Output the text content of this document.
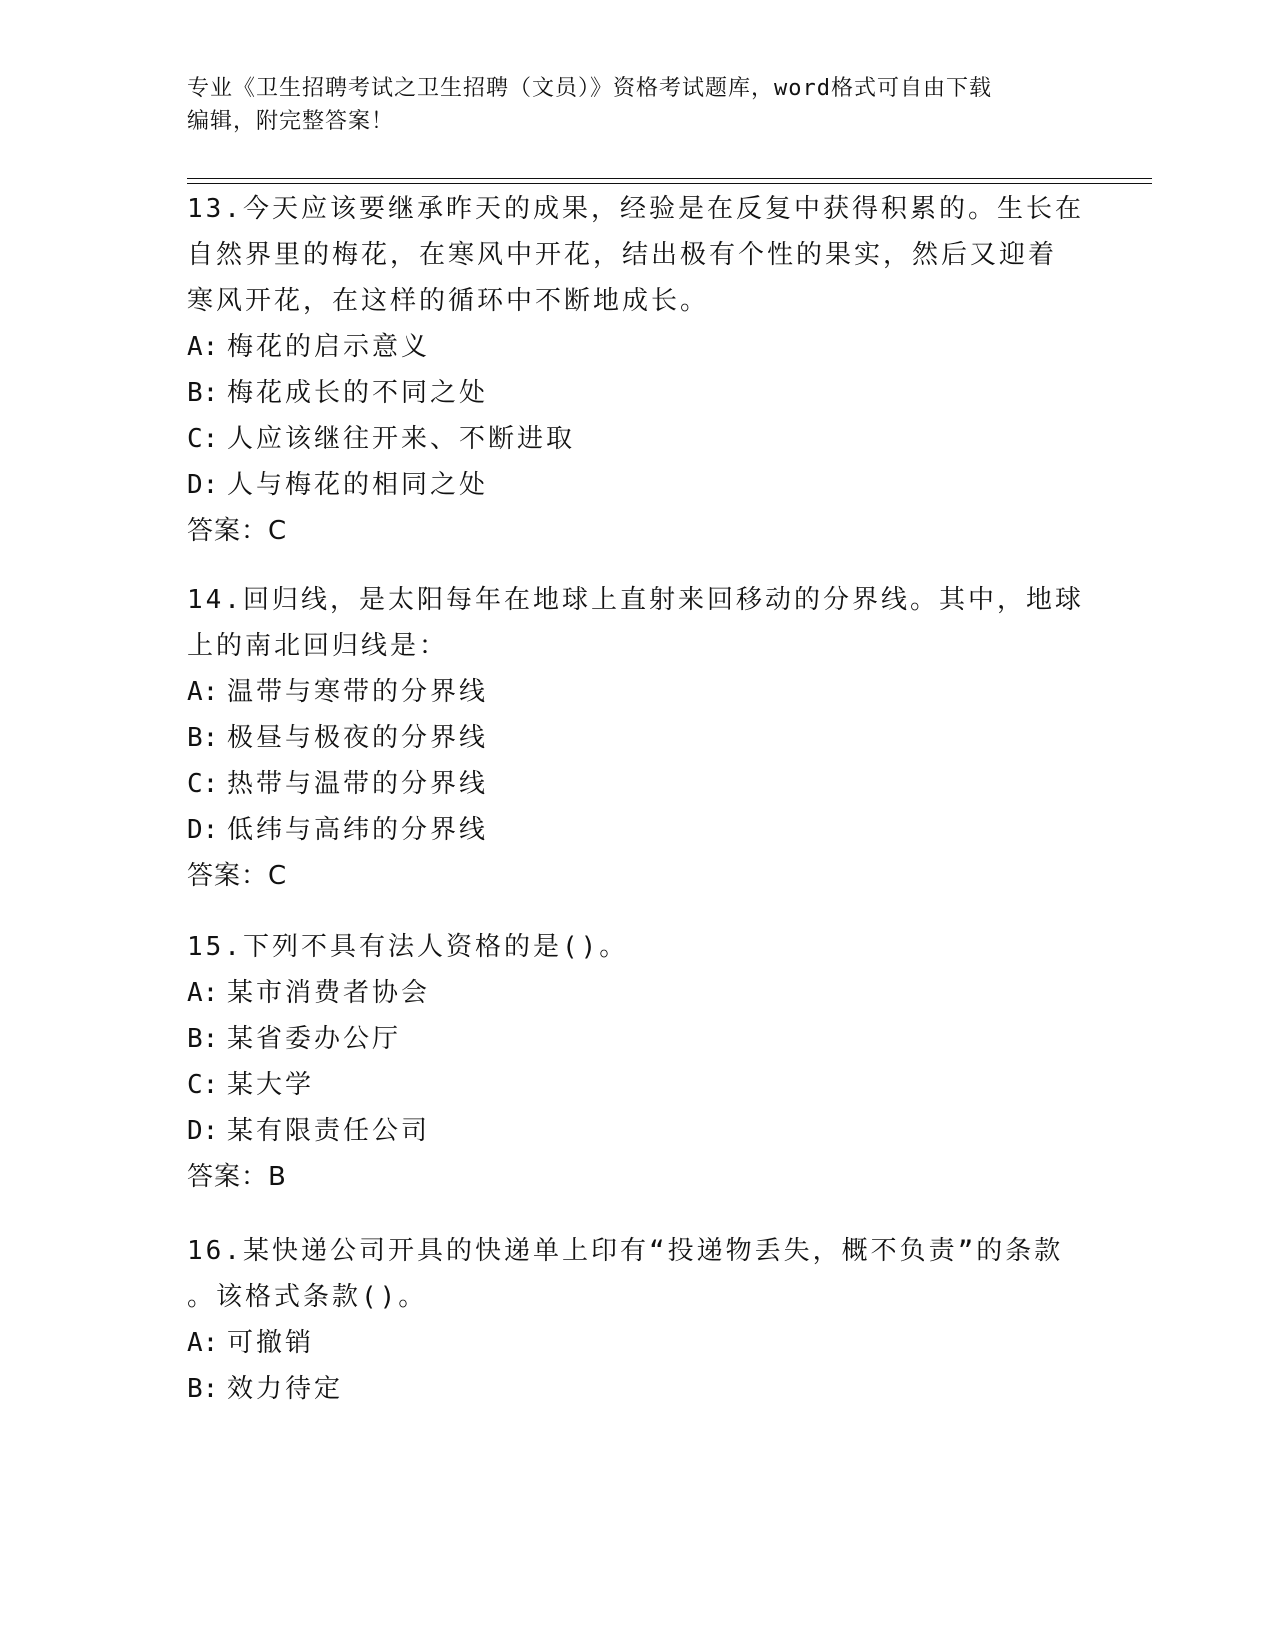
专业《卫生招聘考试之卫生招聘（文员）》资格考试题库，word格式可自由下载
编辑，附完整答案！

13.今天应该要继承昨天的成果，经验是在反复中获得积累的。生长在

自然界里的梅花，在寒风中开花，结出极有个性的果实，然后又迎着

寒风开花，在这样的循环中不断地成长。

A: 梅花的启示意义

B: 梅花成长的不同之处

C: 人应该继往开来、不断进取

D: 人与梅花的相同之处

答案：C

14.回归线，是太阳每年在地球上直射来回移动的分界线。其中，地球

上的南北回归线是：

A: 温带与寒带的分界线

B: 极昼与极夜的分界线

C: 热带与温带的分界线

D: 低纬与高纬的分界线

答案：C

15.下列不具有法人资格的是()。

A: 某市消费者协会

B: 某省委办公厅

C: 某大学

D: 某有限责任公司

答案：B

16.某快递公司开具的快递单上印有“投递物丢失，概不负责”的条款

。该格式条款()。

A: 可撤销

B: 效力待定
